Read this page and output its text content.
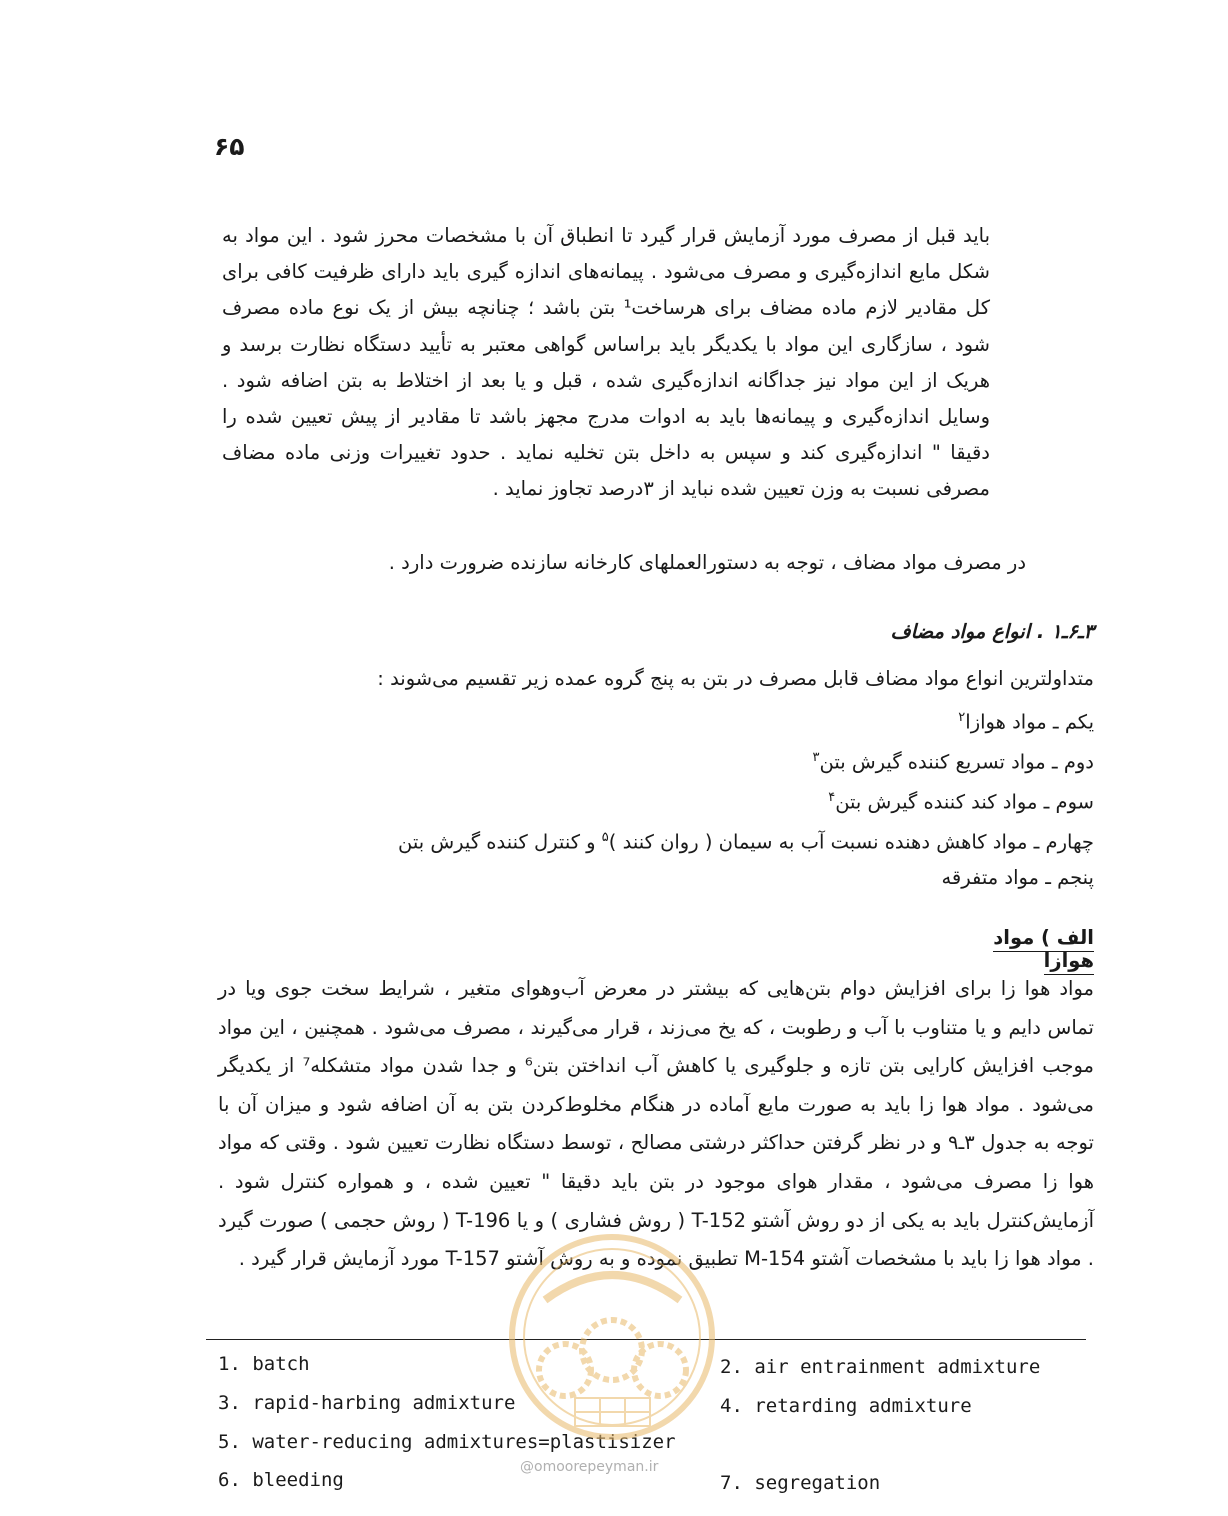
۶۵

باید قبل از مصرف مورد آزمایش قرار گیرد تا انطباق آن با مشخصات محرز شود . این مواد به شکل مایع اندازه‌گیری و مصرف می‌شود . پیمانه‌های اندازه گیری باید دارای ظرفیت کافی برای کل مقادیر لازم ماده مضاف برای هرساخت¹ بتن باشد ؛ چنانچه بیش از یک نوع ماده مصرف شود ، سازگاری این مواد با یکدیگر باید براساس گواهی معتبر به تأیید دستگاه نظارت برسد و هریک از این مواد نیز جداگانه اندازه‌گیری شده ، قبل و یا بعد از اختلاط به بتن اضافه شود . وسایل اندازه‌گیری و پیمانه‌ها باید به ادوات مدرج مجهز باشد تا مقادیر از پیش تعیین شده را دقیقا " اندازه‌گیری کند و سپس به داخل بتن تخلیه نماید . حدود تغییرات وزنی ماده مضاف مصرفی نسبت به وزن تعیین شده نباید از ۳درصد تجاوز نماید .

در مصرف مواد مضاف ، توجه به دستورالعملهای کارخانه سازنده ضرورت دارد .

۳ـ۶ـ۱ . انواع مواد مضاف

متداولترین انواع مواد مضاف قابل مصرف در بتن به پنج گروه عمده زیر تقسیم می‌شوند :

یکم ـ مواد هوازا$^۲$
دوم ـ مواد تسریع کننده گیرش بتن$^۳$
سوم ـ مواد کند کننده گیرش بتن$^۴$
چهارم ـ مواد کاهش دهنده نسبت آب به سیمان ( روان کنند )$^۵$ و کنترل کننده گیرش بتن
پنجم ـ مواد متفرقه
الف ) مواد هوازا

مواد هوا زا برای افزایش دوام بتن‌هایی که بیشتر در معرض آب‌وهوای متغیر ، شرایط سخت جوی ویا در تماس دایم و یا متناوب با آب و رطوبت ، که یخ می‌زند ، قرار می‌گیرند ، مصرف می‌شود . همچنین ، این مواد موجب افزایش کارایی بتن تازه و جلوگیری یا کاهش آب انداختن بتن⁶ و جدا شدن مواد متشکله⁷ از یکدیگر می‌شود . مواد هوا زا باید به صورت مایع آماده در هنگام مخلوط‌کردن بتن به آن اضافه شود و میزان آن با توجه به جدول ۳ـ۹ و در نظر گرفتن حداکثر درشتی مصالح ، توسط دستگاه نظارت تعیین شود . وقتی که مواد هوا زا مصرف می‌شود ، مقدار هوای موجود در بتن باید دقیقا " تعیین شده ، و همواره کنترل شود . آزمایش‌کنترل باید به یکی از دو روش آشتو T-152 ( روش فشاری ) و یا T-196 ( روش حجمی ) صورت گیرد . مواد هوا زا باید با مشخصات آشتو M-154 تطبیق نموده و به روش آشتو T-157 مورد آزمایش قرار گیرد .

1. batch	2. air entrainment admixture
3. rapid-harbing admixture	4. retarding admixture
5. water-reducing admixtures=plastisizer
6. bleeding	7. segregation
@omoorepeyman.ir
